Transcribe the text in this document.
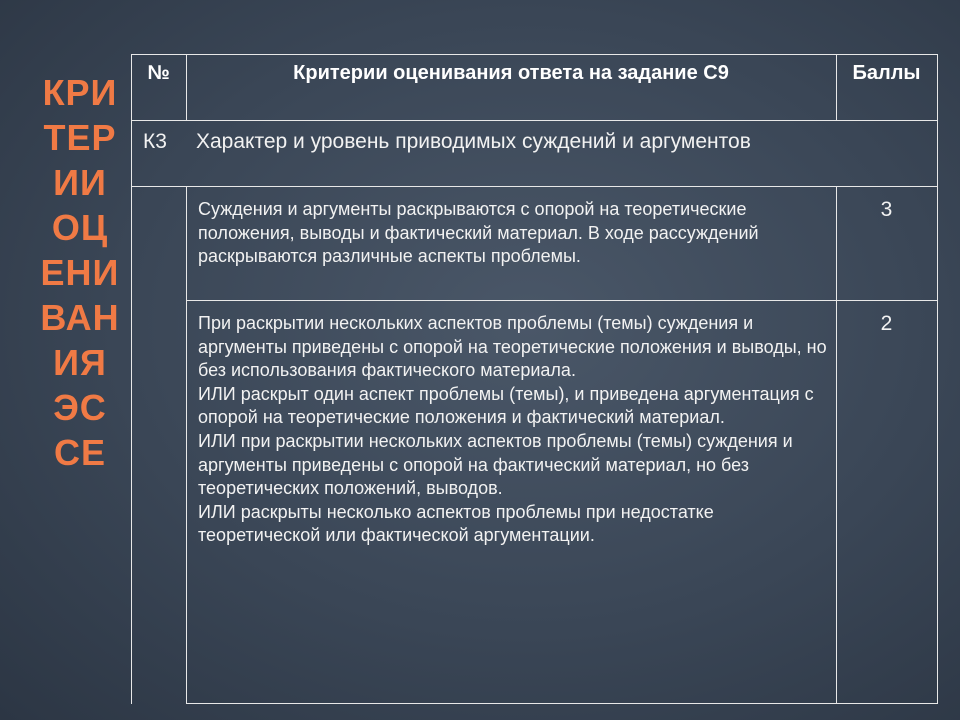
КРИ
ТЕР
ИИ
ОЦ
ЕНИ
ВАН
ИЯ
ЭС
СЕ
№	Критерии оценивания ответа на задание С9	Баллы
К3 Характер и уровень приводимых суждений и аргументов
Суждения и аргументы раскрываются с опорой на теоретические положения, выводы и фактический материал. В ходе рассуждений раскрываются различные аспекты проблемы.
3
При раскрытии нескольких аспектов проблемы (темы) суждения и аргументы приведены с опорой на теоретические положения и выводы, но без использования фактического материала.
ИЛИ раскрыт один аспект проблемы (темы), и приведена аргументация с опорой на теоретические положения и фактический материал.
ИЛИ при раскрытии нескольких аспектов проблемы (темы) суждения и аргументы приведены с опорой на фактический материал, но без теоретических положений, выводов.
ИЛИ раскрыты несколько аспектов проблемы при недостатке теоретической или фактической аргументации.
2
